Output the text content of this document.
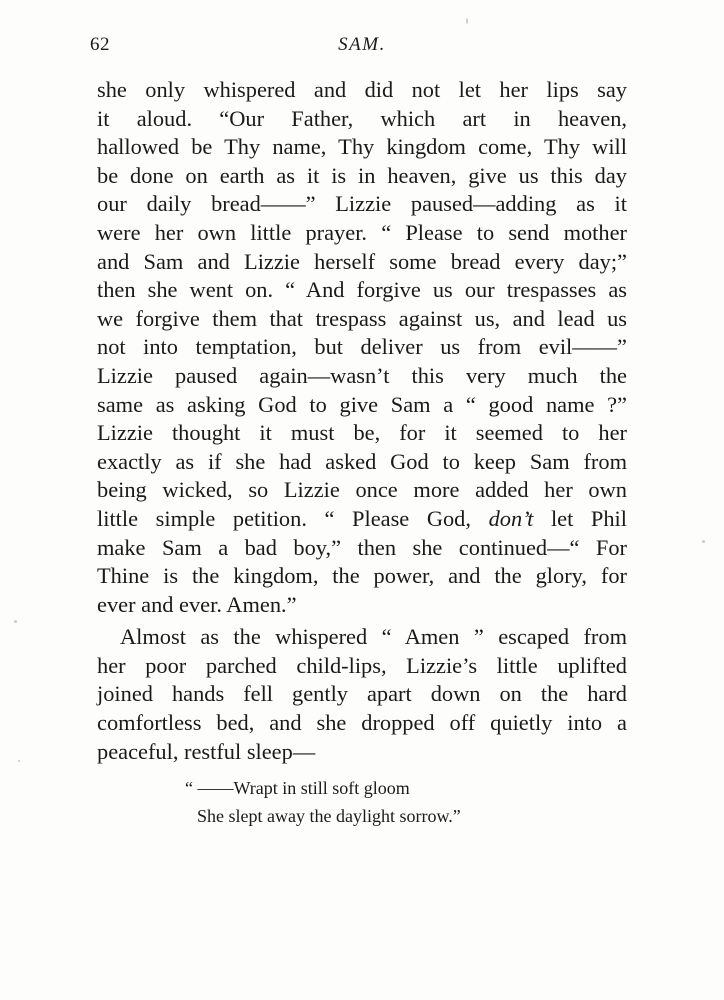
62	SAM.
she only whispered and did not let her lips say
it aloud. “Our Father, which art in heaven,
hallowed be Thy name, Thy kingdom come, Thy will
be done on earth as it is in heaven, give us this day
our daily bread——” Lizzie paused—adding as it
were her own little prayer. “ Please to send mother
and Sam and Lizzie herself some bread every day;”
then she went on. “ And forgive us our trespasses as
we forgive them that trespass against us, and lead us
not into temptation, but deliver us from evil——”
Lizzie paused again—wasn’t this very much the
same as asking God to give Sam a “ good name ?”
Lizzie thought it must be, for it seemed to her
exactly as if she had asked God to keep Sam from
being wicked, so Lizzie once more added her own
little simple petition. “ Please God, don’t let Phil
make Sam a bad boy,” then she continued—“ For
Thine is the kingdom, the power, and the glory, for
ever and ever. Amen.”
Almost as the whispered “ Amen ” escaped from
her poor parched child-lips, Lizzie’s little uplifted
joined hands fell gently apart down on the hard
comfortless bed, and she dropped off quietly into a
peaceful, restful sleep—
“ ——Wrapt in still soft gloom
She slept away the daylight sorrow.”
